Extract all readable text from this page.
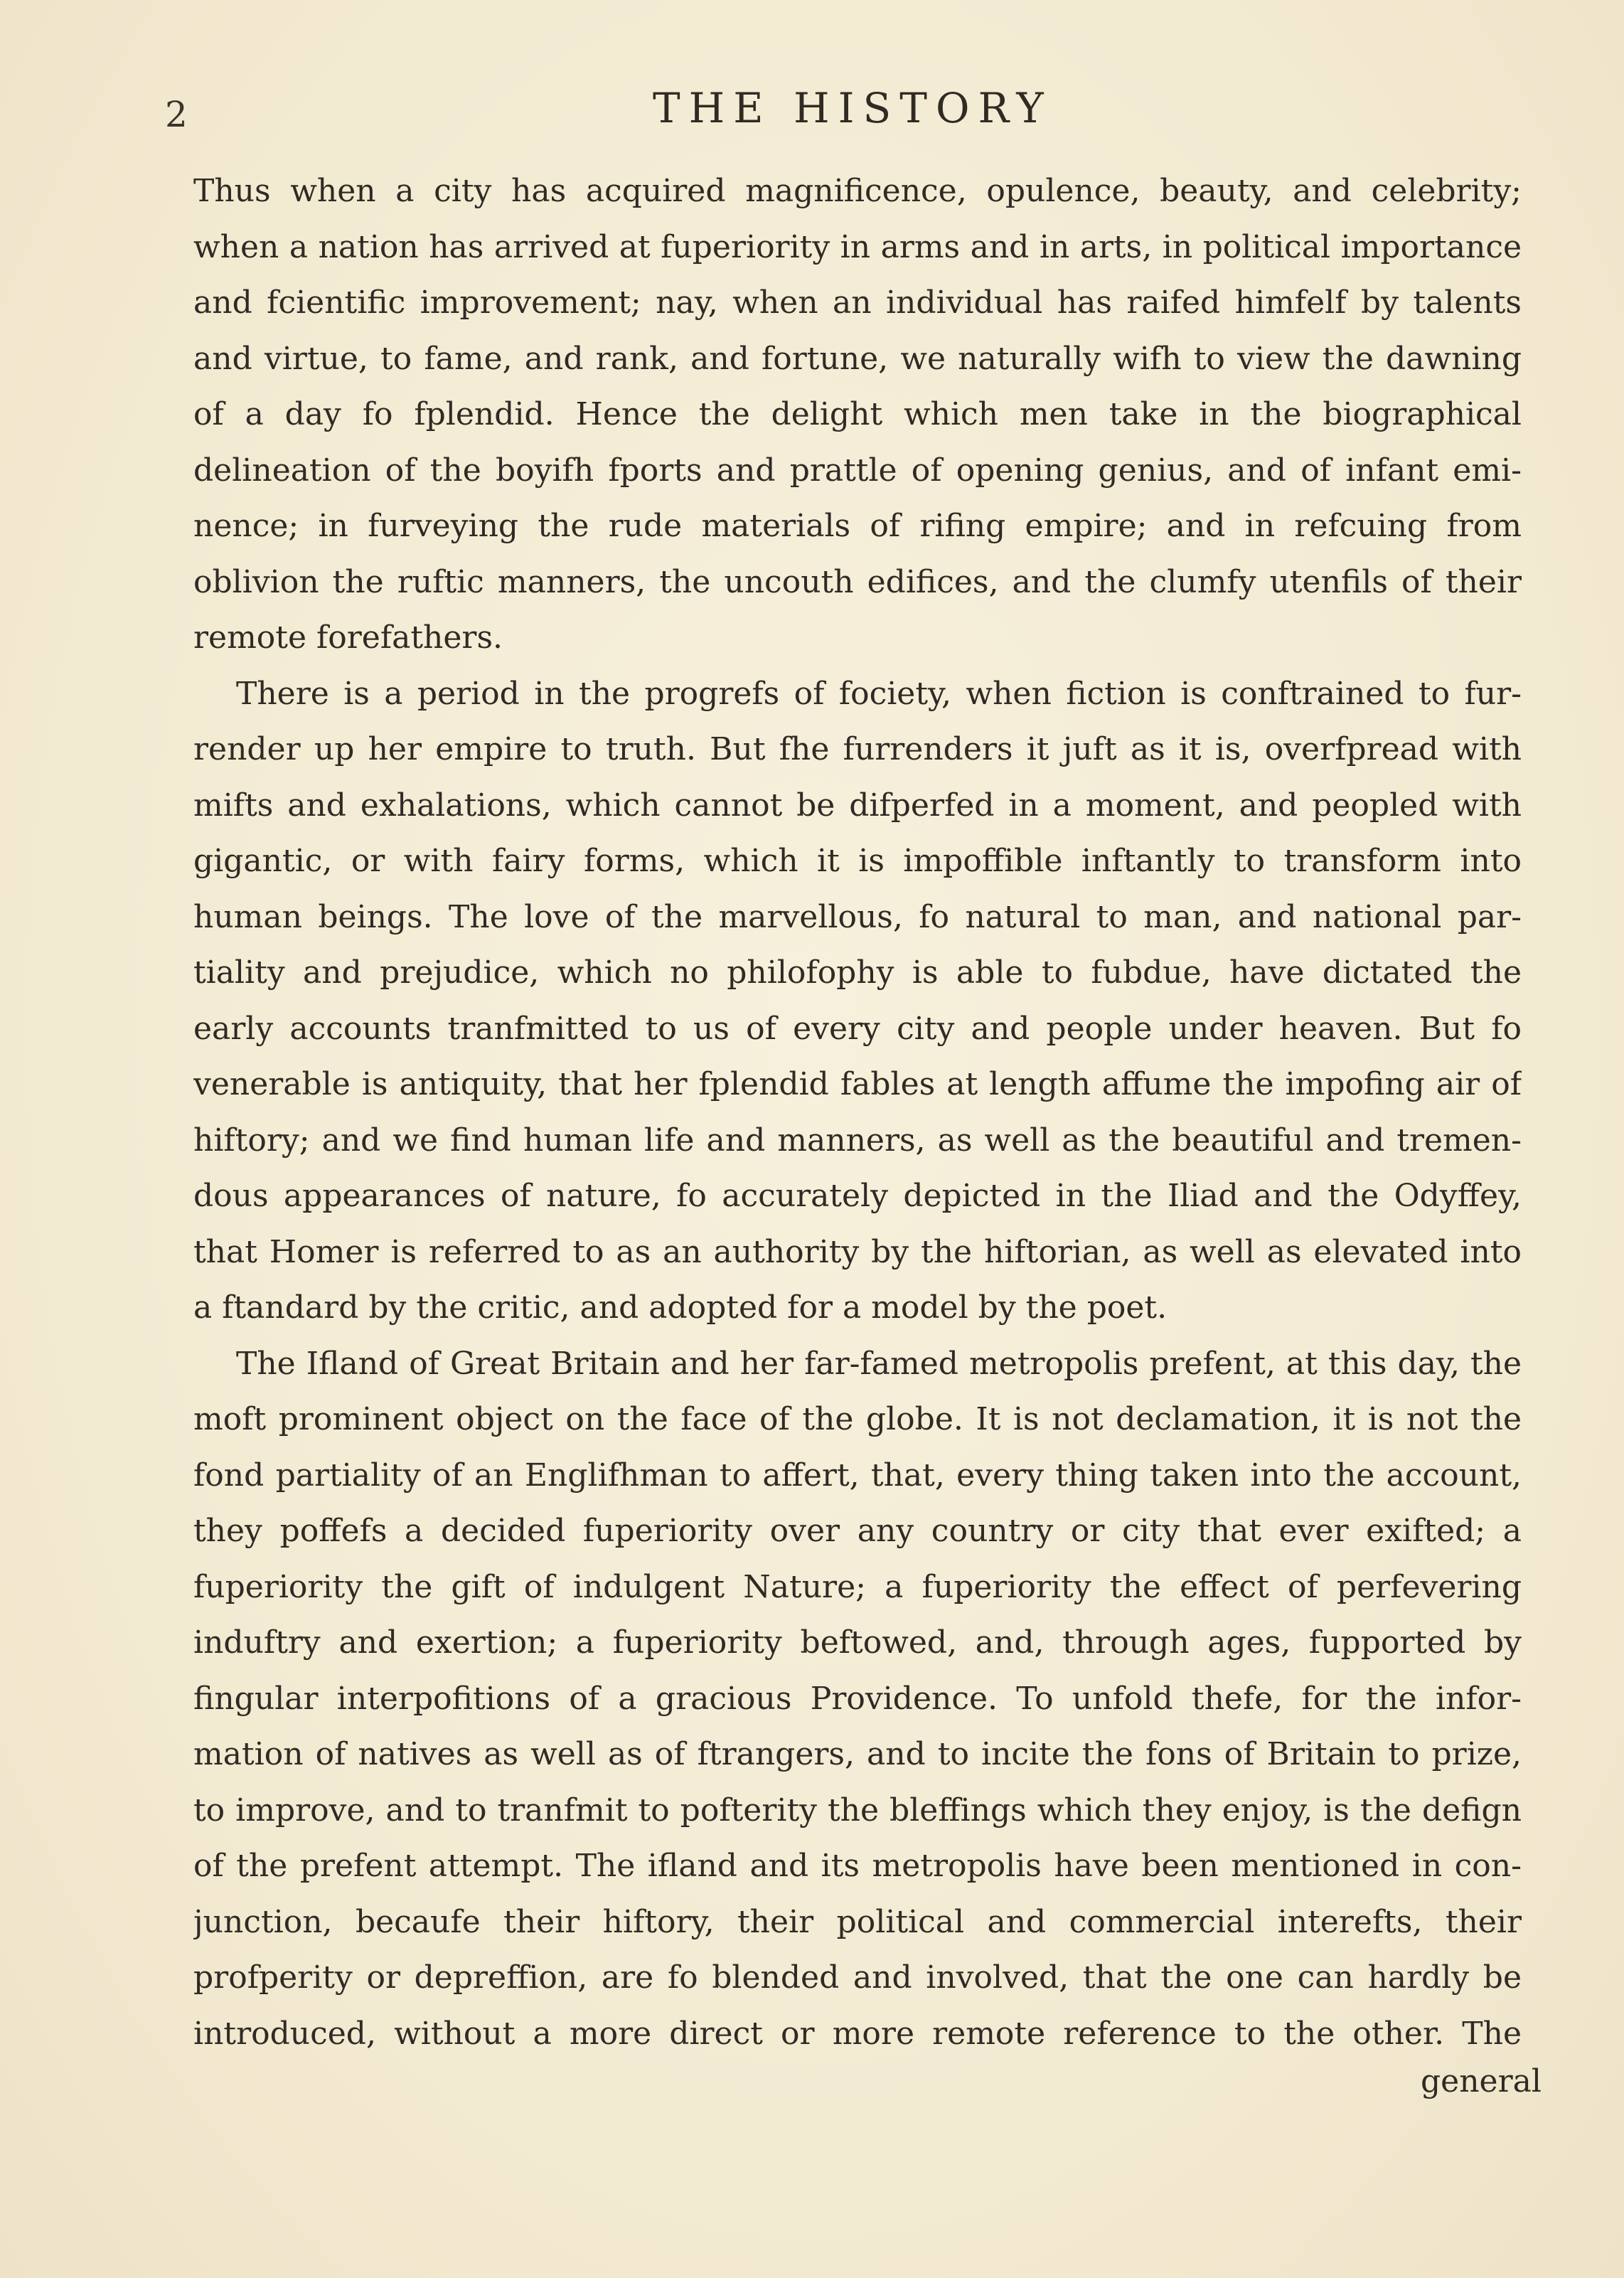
2	THE HISTORY
Thus when a city has acquired magnificence, opulence, beauty, and celebrity;
when a nation has arrived at fuperiority in arms and in arts, in political importance
and fcientific improvement; nay, when an individual has raifed himfelf by talents
and virtue, to fame, and rank, and fortune, we naturally wifh to view the dawning
of a day fo fplendid. Hence the delight which men take in the biographical
delineation of the boyifh fports and prattle of opening genius, and of infant emi-
nence; in furveying the rude materials of rifing empire; and in refcuing from
oblivion the ruftic manners, the uncouth edifices, and the clumfy utenfils of their
remote forefathers.
There is a period in the progrefs of fociety, when fiction is conftrained to fur-
render up her empire to truth. But fhe furrenders it juft as it is, overfpread with
mifts and exhalations, which cannot be difperfed in a moment, and peopled with
gigantic, or with fairy forms, which it is impoffible inftantly to transform into
human beings. The love of the marvellous, fo natural to man, and national par-
tiality and prejudice, which no philofophy is able to fubdue, have dictated the
early accounts tranfmitted to us of every city and people under heaven. But fo
venerable is antiquity, that her fplendid fables at length affume the impofing air of
hiftory; and we find human life and manners, as well as the beautiful and tremen-
dous appearances of nature, fo accurately depicted in the Iliad and the Odyffey,
that Homer is referred to as an authority by the hiftorian, as well as elevated into
a ftandard by the critic, and adopted for a model by the poet.
The Ifland of Great Britain and her far-famed metropolis prefent, at this day, the
moft prominent object on the face of the globe. It is not declamation, it is not the
fond partiality of an Englifhman to affert, that, every thing taken into the account,
they poffefs a decided fuperiority over any country or city that ever exifted; a
fuperiority the gift of indulgent Nature; a fuperiority the effect of perfevering
induftry and exertion; a fuperiority beftowed, and, through ages, fupported by
fingular interpofitions of a gracious Providence. To unfold thefe, for the infor-
mation of natives as well as of ftrangers, and to incite the fons of Britain to prize,
to improve, and to tranfmit to pofterity the bleffings which they enjoy, is the defign
of the prefent attempt. The ifland and its metropolis have been mentioned in con-
junction, becaufe their hiftory, their political and commercial interefts, their
profperity or depreffion, are fo blended and involved, that the one can hardly be
introduced, without a more direct or more remote reference to the other. The
general
